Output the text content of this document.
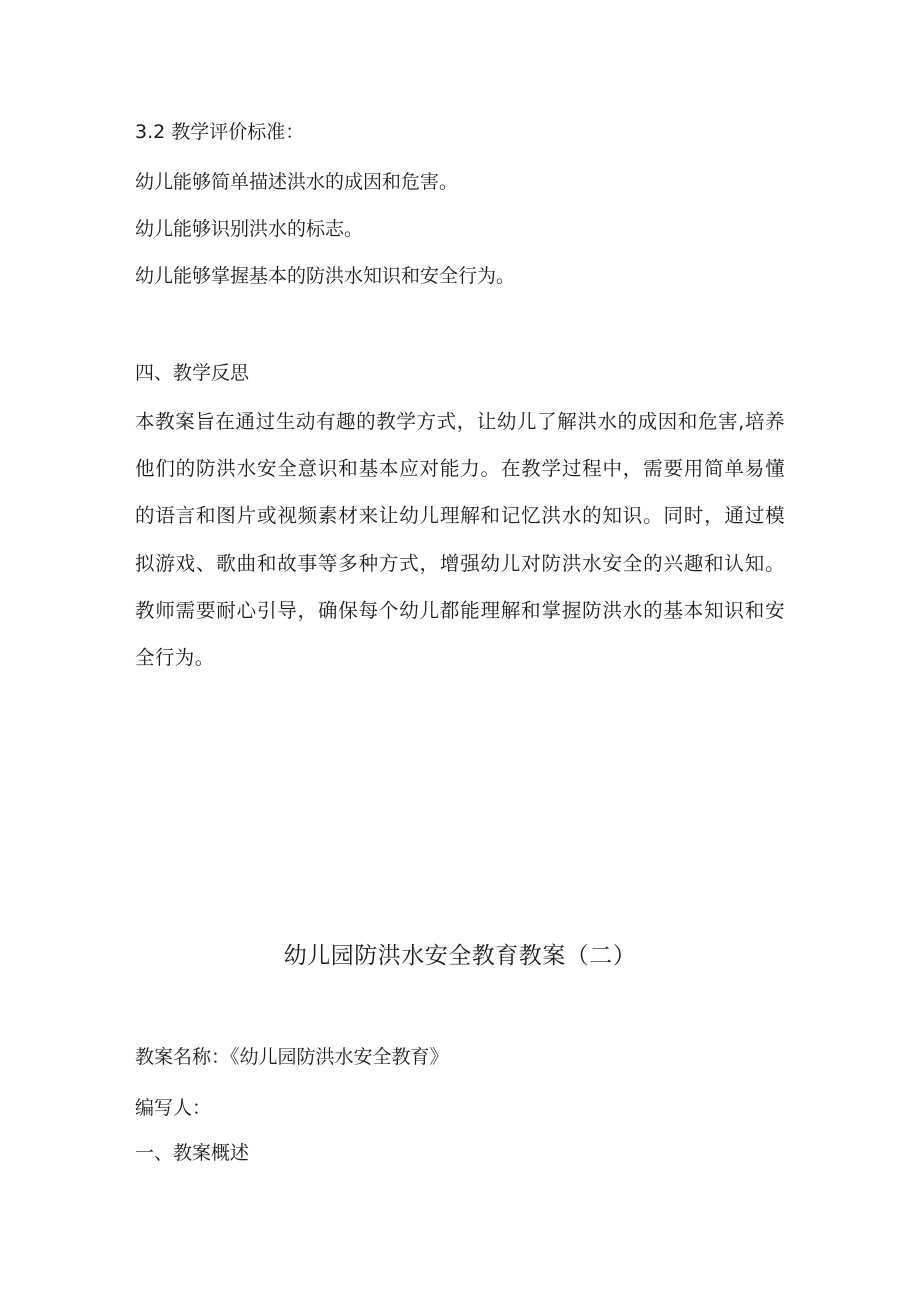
3.2 教学评价标准：
幼儿能够简单描述洪水的成因和危害。
幼儿能够识别洪水的标志。
幼儿能够掌握基本的防洪水知识和安全行为。
四、教学反思
本教案旨在通过生动有趣的教学方式，让幼儿了解洪水的成因和危害,培养他们的防洪水安全意识和基本应对能力。在教学过程中，需要用简单易懂的语言和图片或视频素材来让幼儿理解和记忆洪水的知识。同时，通过模拟游戏、歌曲和故事等多种方式，增强幼儿对防洪水安全的兴趣和认知。教师需要耐心引导，确保每个幼儿都能理解和掌握防洪水的基本知识和安全行为。
幼儿园防洪水安全教育教案（二）
教案名称：《幼儿园防洪水安全教育》
编写人：
一、教案概述
